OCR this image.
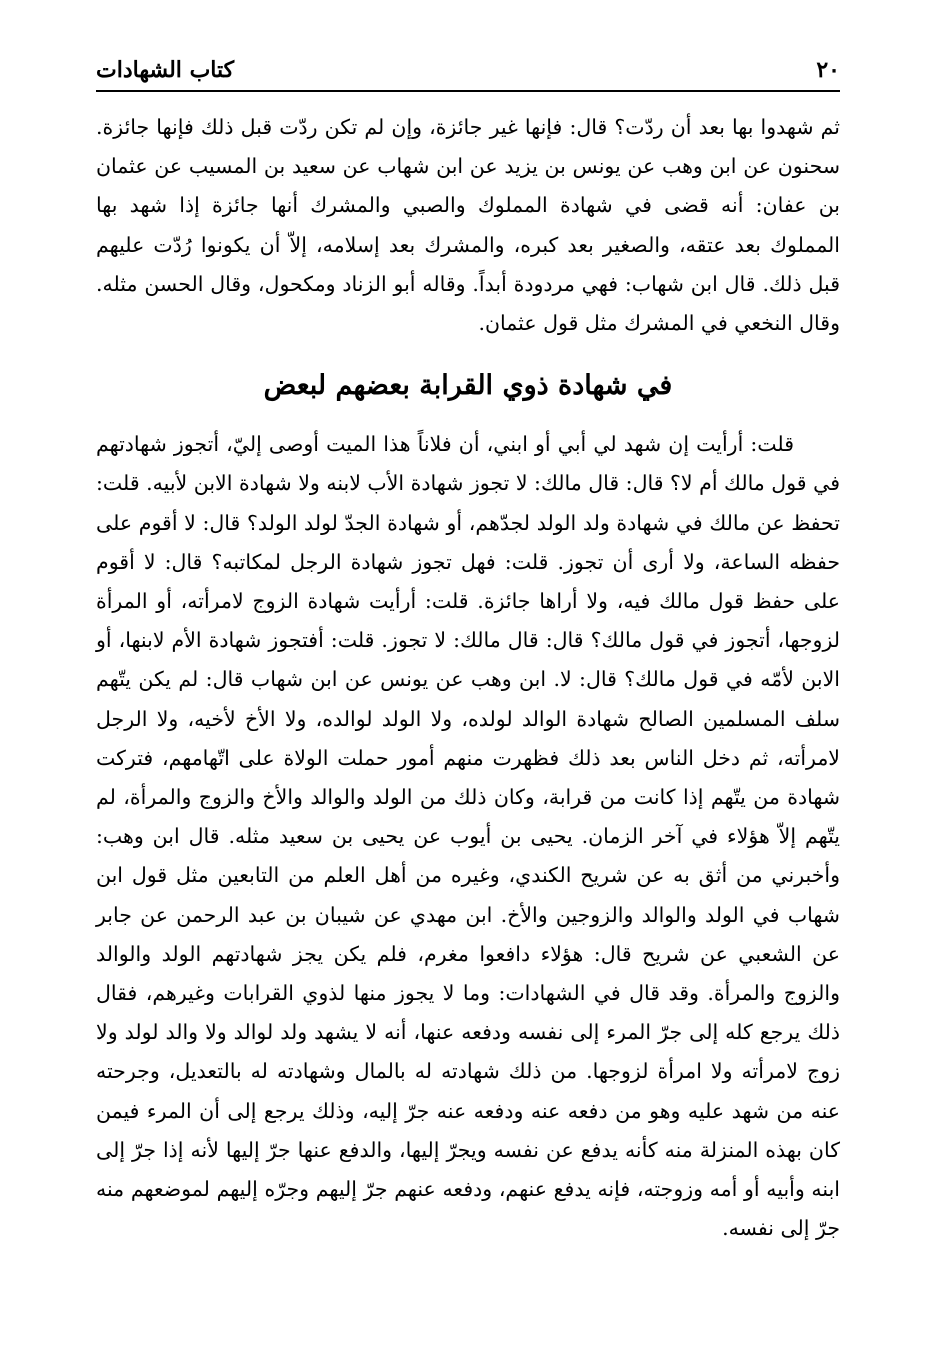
٢٠
كتاب الشهادات

ثم شهدوا بها بعد أن ردّت؟ قال: فإنها غير جائزة، وإن لم تكن ردّت قبل ذلك فإنها جائزة. سحنون عن ابن وهب عن يونس بن يزيد عن ابن شهاب عن سعيد بن المسيب عن عثمان بن عفان: أنه قضى في شهادة المملوك والصبي والمشرك أنها جائزة إذا شهد بها المملوك بعد عتقه، والصغير بعد كبره، والمشرك بعد إسلامه، إلاّ أن يكونوا رُدّت عليهم قبل ذلك. قال ابن شهاب: فهي مردودة أبداً. وقاله أبو الزناد ومكحول، وقال الحسن مثله. وقال النخعي في المشرك مثل قول عثمان.

في شهادة ذوي القرابة بعضهم لبعض

قلت: أرأيت إن شهد لي أبي أو ابني، أن فلاناً هذا الميت أوصى إليّ، أتجوز شهادتهم في قول مالك أم لا؟ قال: قال مالك: لا تجوز شهادة الأب لابنه ولا شهادة الابن لأبيه. قلت: تحفظ عن مالك في شهادة ولد الولد لجدّهم، أو شهادة الجدّ لولد الولد؟ قال: لا أقوم على حفظه الساعة، ولا أرى أن تجوز. قلت: فهل تجوز شهادة الرجل لمكاتبه؟ قال: لا أقوم على حفظ قول مالك فيه، ولا أراها جائزة. قلت: أرأيت شهادة الزوج لامرأته، أو المرأة لزوجها، أتجوز في قول مالك؟ قال: قال مالك: لا تجوز. قلت: أفتجوز شهادة الأم لابنها، أو الابن لأمّه في قول مالك؟ قال: لا. ابن وهب عن يونس عن ابن شهاب قال: لم يكن يتّهم سلف المسلمين الصالح شهادة الوالد لولده، ولا الولد لوالده، ولا الأخ لأخيه، ولا الرجل لامرأته، ثم دخل الناس بعد ذلك فظهرت منهم أمور حملت الولاة على اتّهامهم، فتركت شهادة من يتّهم إذا كانت من قرابة، وكان ذلك من الولد والوالد والأخ والزوج والمرأة، لم يتّهم إلاّ هؤلاء في آخر الزمان. يحيى بن أيوب عن يحيى بن سعيد مثله. قال ابن وهب: وأخبرني من أثق به عن شريح الكندي، وغيره من أهل العلم من التابعين مثل قول ابن شهاب في الولد والوالد والزوجين والأخ. ابن مهدي عن شيبان بن عبد الرحمن عن جابر عن الشعبي عن شريح قال: هؤلاء دافعوا مغرم، فلم يكن يجز شهادتهم الولد والوالد والزوج والمرأة. وقد قال في الشهادات: وما لا يجوز منها لذوي القرابات وغيرهم، فقال ذلك يرجع كله إلى جرّ المرء إلى نفسه ودفعه عنها، أنه لا يشهد ولد لوالد ولا والد لولد ولا زوج لامرأته ولا امرأة لزوجها. من ذلك شهادته له بالمال وشهادته له بالتعديل، وجرحته عنه من شهد عليه وهو من دفعه عنه ودفعه عنه جرّ إليه، وذلك يرجع إلى أن المرء فيمن كان بهذه المنزلة منه كأنه يدفع عن نفسه ويجرّ إليها، والدفع عنها جرّ إليها لأنه إذا جرّ إلى ابنه وأبيه أو أمه وزوجته، فإنه يدفع عنهم، ودفعه عنهم جرّ إليهم وجرّه إليهم لموضعهم منه جرّ إلى نفسه.
